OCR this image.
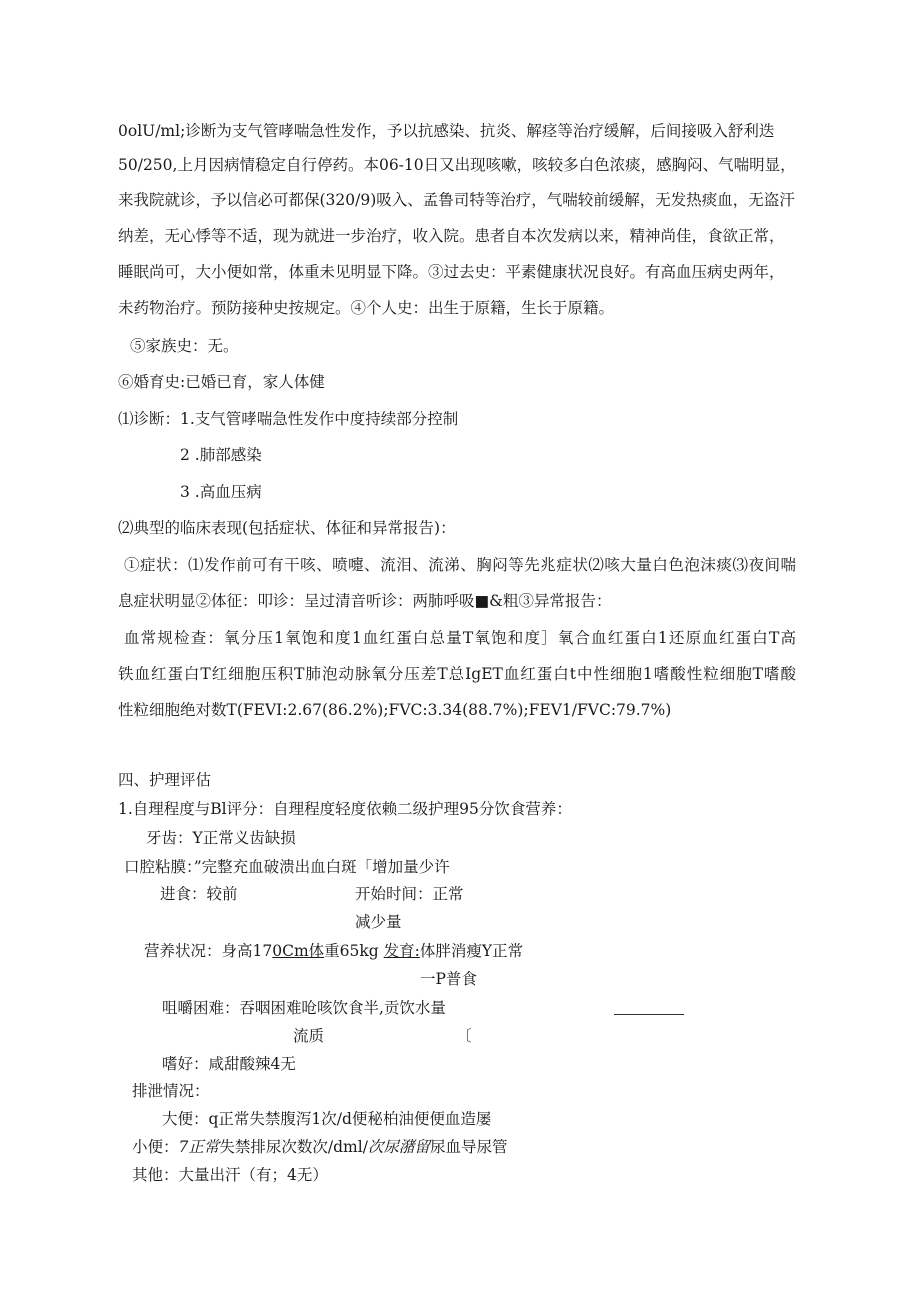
0olU/ml;诊断为支气管哮喘急性发作，予以抗感染、抗炎、解痉等治疗缓解，后间接吸入舒利迭
50/250,上月因病情稳定自行停药。本06-10日又出现咳嗽，咳较多白色浓痰，感胸闷、气喘明显，
来我院就诊，予以信必可都保(320/9)吸入、孟鲁司特等治疗，气喘较前缓解，无发热痰血，无盗汗
纳差，无心悸等不适，现为就进一步治疗，收入院。患者自本次发病以来，精神尚佳，食欲正常，
睡眠尚可，大小便如常，体重未见明显下降。③过去史：平素健康状况良好。有高血压病史两年，
未药物治疗。预防接种史按规定。④个人史：出生于原籍，生长于原籍。
⑤家族史：无。
⑥婚育史:已婚已育，家人体健
⑴诊断：1.支气管哮喘急性发作中度持续部分控制
2 .肺部感染
3 .高血压病
⑵典型的临床表现(包括症状、体征和异常报告)：
①症状：⑴发作前可有干咳、喷嚏、流泪、流涕、胸闷等先兆症状⑵咳大量白色泡沫痰⑶夜间喘
息症状明显②体征：叩诊：呈过清音听诊：两肺呼吸■&粗③异常报告：
血常规检查：氧分压1氧饱和度1血红蛋白总量T氧饱和度］氧合血红蛋白1还原血红蛋白T高
铁血红蛋白T红细胞压积T肺泡动脉氧分压差T总IgET血红蛋白t中性细胞1嗜酸性粒细胞T嗜酸
性粒细胞绝对数T(FEVI:2.67(86.2%);FVC:3.34(88.7%);FEV1/FVC:79.7%)
四、护理评估
1.自理程度与Bl评分：自理程度轻度依赖二级护理95分饮食营养：
牙齿：Y正常义齿缺损
口腔粘膜：”完整充血破溃出血白斑「增加量少许
进食：较前	开始时间：正常
减少量
营养状况：身高170Cm体重65kg 发育:体胖消瘦Y正常
一P普食
咀嚼困难：吞咽困难呛咳饮食半,贡饮水量
流质	〔
嗜好：咸甜酸辣4无
排泄情况：
大便：q正常失禁腹泻1次/d便秘柏油便便血造屡
小便：7正常失禁排尿次数次/dml/次尿潴留尿血导尿管
其他：大量出汗（有；4无）
